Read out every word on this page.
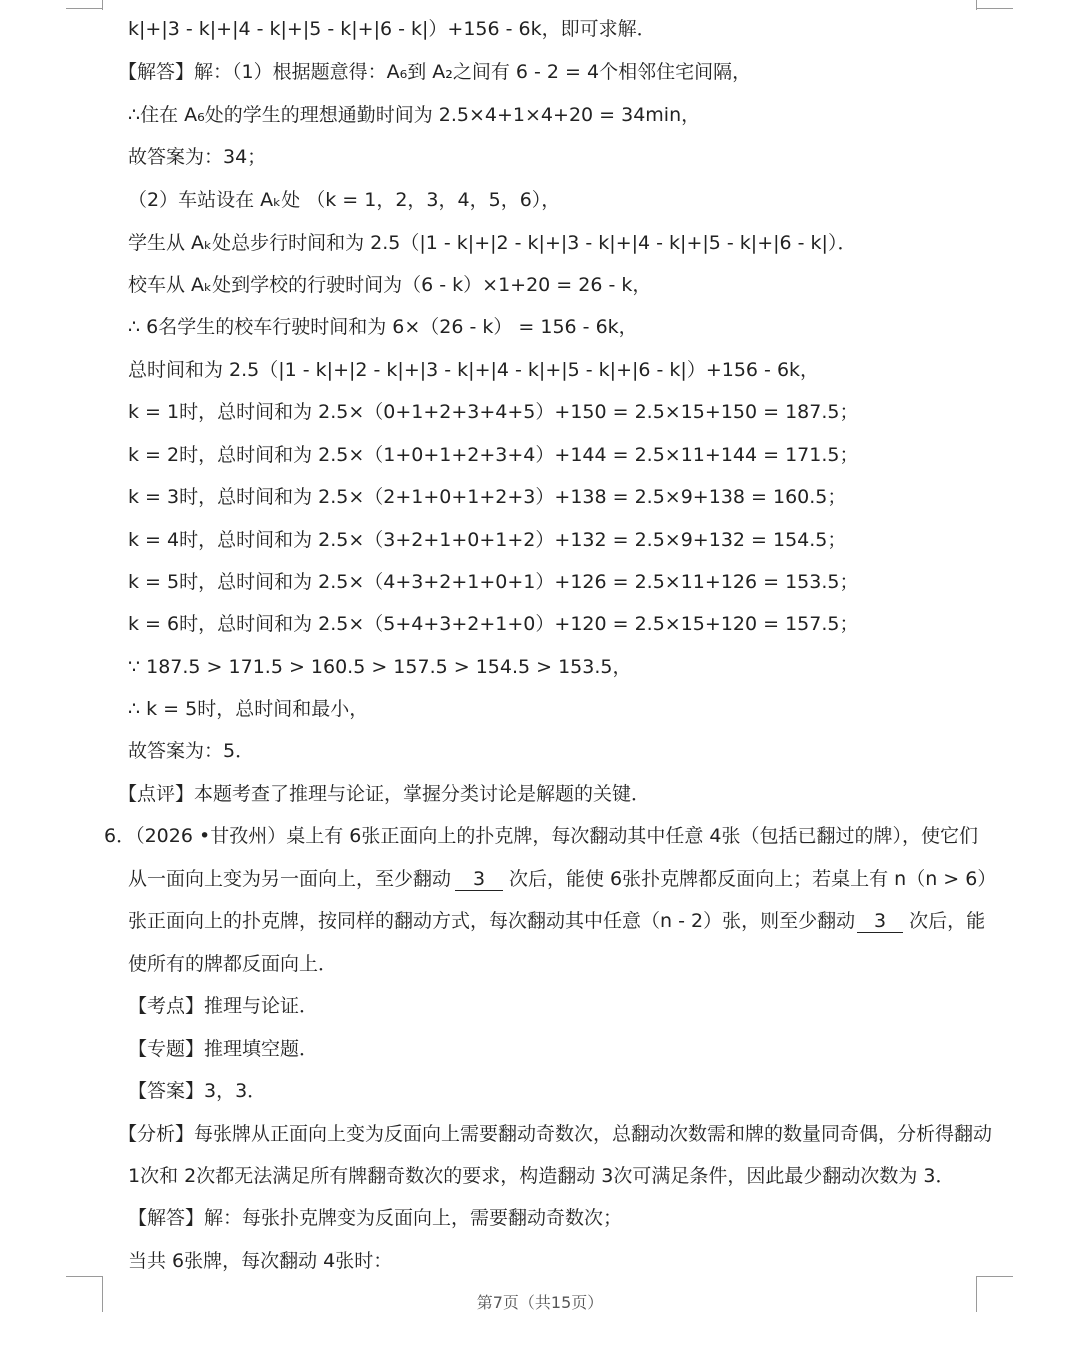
k|+|3 - k|+|4 - k|+|5 - k|+|6 - k|）+156 - 6k，即可求解．
【解答】解：（1）根据题意得：A₆到 A₂之间有 6 - 2 = 4个相邻住宅间隔，
∴住在 A₆处的学生的理想通勤时间为 2.5×4+1×4+20 = 34min，
故答案为：34；
（2）车站设在 Aₖ处 （k = 1，2，3，4，5，6），
学生从 Aₖ处总步行时间和为 2.5（|1 - k|+|2 - k|+|3 - k|+|4 - k|+|5 - k|+|6 - k|）．
校车从 Aₖ处到学校的行驶时间为（6 - k）×1+20 = 26 - k，
∴ 6名学生的校车行驶时间和为 6×（26 - k） = 156 - 6k，
总时间和为 2.5（|1 - k|+|2 - k|+|3 - k|+|4 - k|+|5 - k|+|6 - k|）+156 - 6k，
k = 1时，总时间和为 2.5×（0+1+2+3+4+5）+150 = 2.5×15+150 = 187.5；
k = 2时，总时间和为 2.5×（1+0+1+2+3+4）+144 = 2.5×11+144 = 171.5；
k = 3时，总时间和为 2.5×（2+1+0+1+2+3）+138 = 2.5×9+138 = 160.5；
k = 4时，总时间和为 2.5×（3+2+1+0+1+2）+132 = 2.5×9+132 = 154.5；
k = 5时，总时间和为 2.5×（4+3+2+1+0+1）+126 = 2.5×11+126 = 153.5；
k = 6时，总时间和为 2.5×（5+4+3+2+1+0）+120 = 2.5×15+120 = 157.5；
∵ 187.5 > 171.5 > 160.5 > 157.5 > 154.5 > 153.5，
∴ k = 5时，总时间和最小，
故答案为：5．
【点评】本题考查了推理与论证，掌握分类讨论是解题的关键．
6．（2026 •甘孜州）桌上有 6张正面向上的扑克牌，每次翻动其中任意 4张（包括已翻过的牌），使它们
从一面向上变为另一面向上，至少翻动 3 次后，能使 6张扑克牌都反面向上；若桌上有 n（n > 6）
张正面向上的扑克牌，按同样的翻动方式，每次翻动其中任意（n - 2）张，则至少翻动 3 次后，能
使所有的牌都反面向上．
【考点】推理与论证．
【专题】推理填空题．
【答案】3，3．
【分析】每张牌从正面向上变为反面向上需要翻动奇数次，总翻动次数需和牌的数量同奇偶，分析得翻动
1次和 2次都无法满足所有牌翻奇数次的要求，构造翻动 3次可满足条件，因此最少翻动次数为 3．
【解答】解：每张扑克牌变为反面向上，需要翻动奇数次；
当共 6张牌，每次翻动 4张时：
第7页（共15页）
